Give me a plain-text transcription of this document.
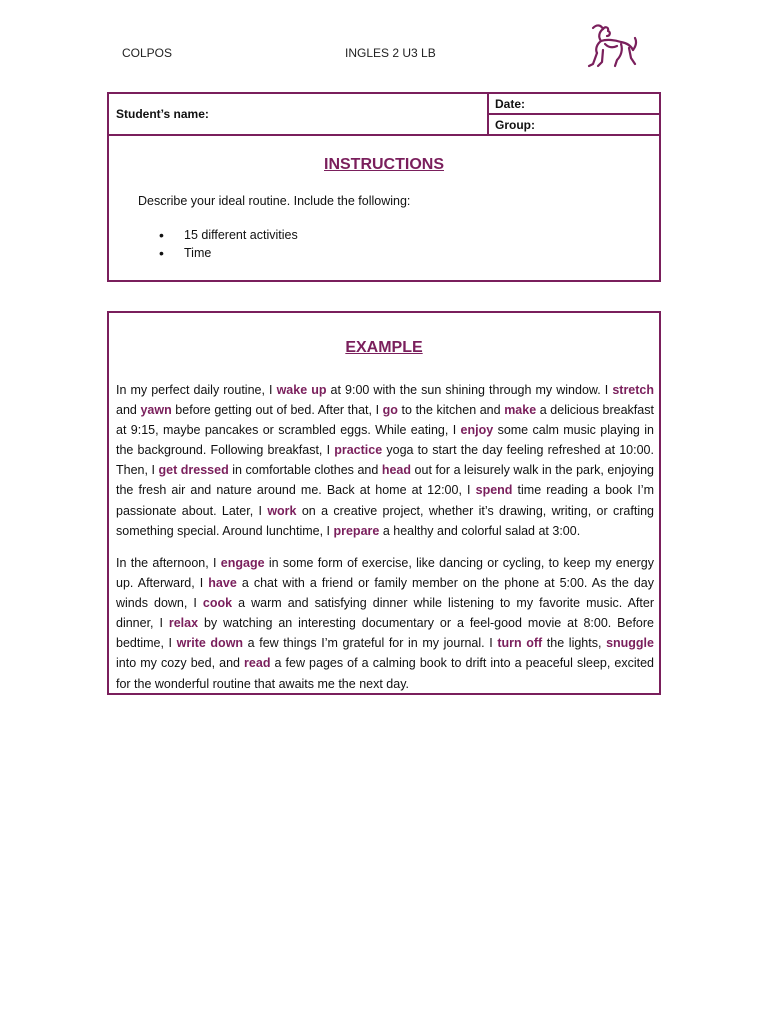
COLPOS	INGLES 2 U3 LB
Student’s name:
Date:
Group:
INSTRUCTIONS
Describe your ideal routine. Include the following:
• 15 different activities
• Time
EXAMPLE

In my perfect daily routine, I wake up at 9:00 with the sun shining through my window. I stretch and yawn before getting out of bed. After that, I go to the kitchen and make a delicious breakfast at 9:15, maybe pancakes or scrambled eggs. While eating, I enjoy some calm music playing in the background. Following breakfast, I practice yoga to start the day feeling refreshed at 10:00. Then, I get dressed in comfortable clothes and head out for a leisurely walk in the park, enjoying the fresh air and nature around me. Back at home at 12:00, I spend time reading a book I’m passionate about. Later, I work on a creative project, whether it’s drawing, writing, or crafting something special. Around lunchtime, I prepare a healthy and colorful salad at 3:00.

In the afternoon, I engage in some form of exercise, like dancing or cycling, to keep my energy up. Afterward, I have a chat with a friend or family member on the phone at 5:00. As the day winds down, I cook a warm and satisfying dinner while listening to my favorite music. After dinner, I relax by watching an interesting documentary or a feel-good movie at 8:00. Before bedtime, I write down a few things I’m grateful for in my journal. I turn off the lights, snuggle into my cozy bed, and read a few pages of a calming book to drift into a peaceful sleep, excited for the wonderful routine that awaits me the next day.
